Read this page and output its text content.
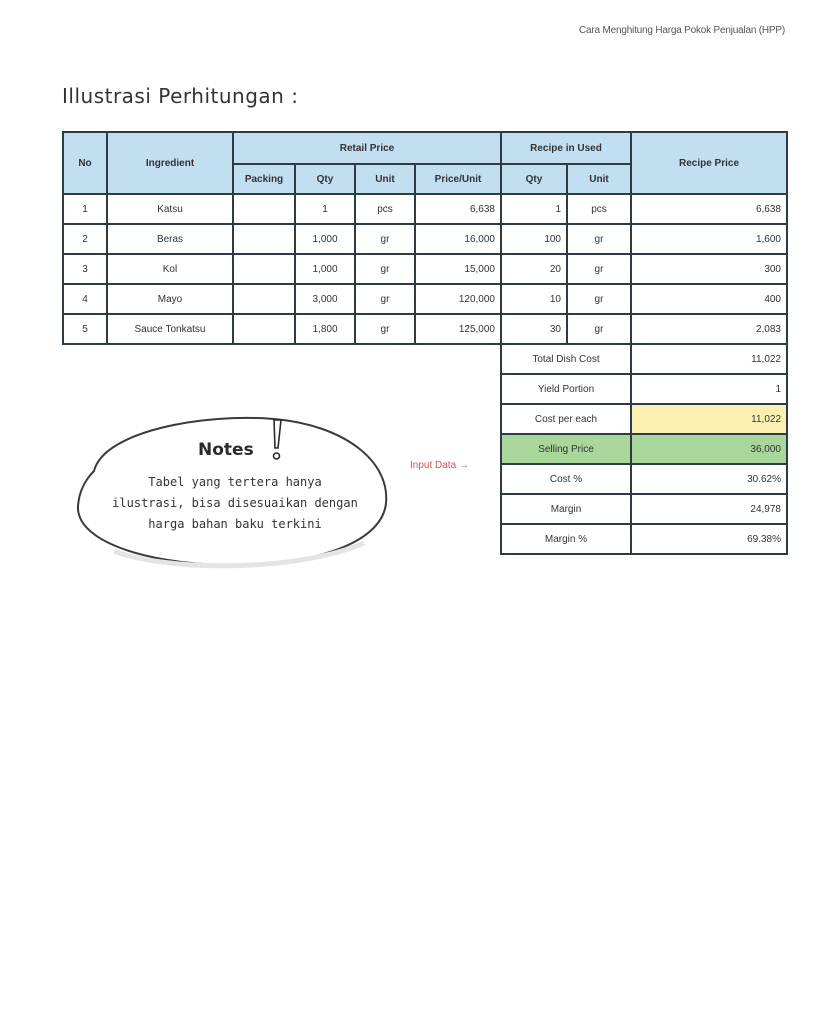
Cara Menghitung Harga Pokok Penjualan (HPP)
Illustrasi Perhitungan :
No	Ingredient	Retail Price				Recipe in Used		Recipe Price
		Packing	Qty	Unit	Price/Unit	Qty	Unit	
1	Katsu		1	pcs	6,638	1	pcs	6,638
2	Beras		1,000	gr	16,000	100	gr	1,600
3	Kol		1,000	gr	15,000	20	gr	300
4	Mayo		3,000	gr	120,000	10	gr	400
5	Sauce Tonkatsu		1,800	gr	125,000	30	gr	2,083
						Total Dish Cost		11,022
						Yield Portion		1
						Cost per each		11,022
						Selling Price		36,000
						Cost %		30.62%
						Margin		24,978
						Margin %		69.38%
Input Data →
Notes
Tabel yang tertera hanya
ilustrasi, bisa disesuaikan dengan
harga bahan baku terkini
